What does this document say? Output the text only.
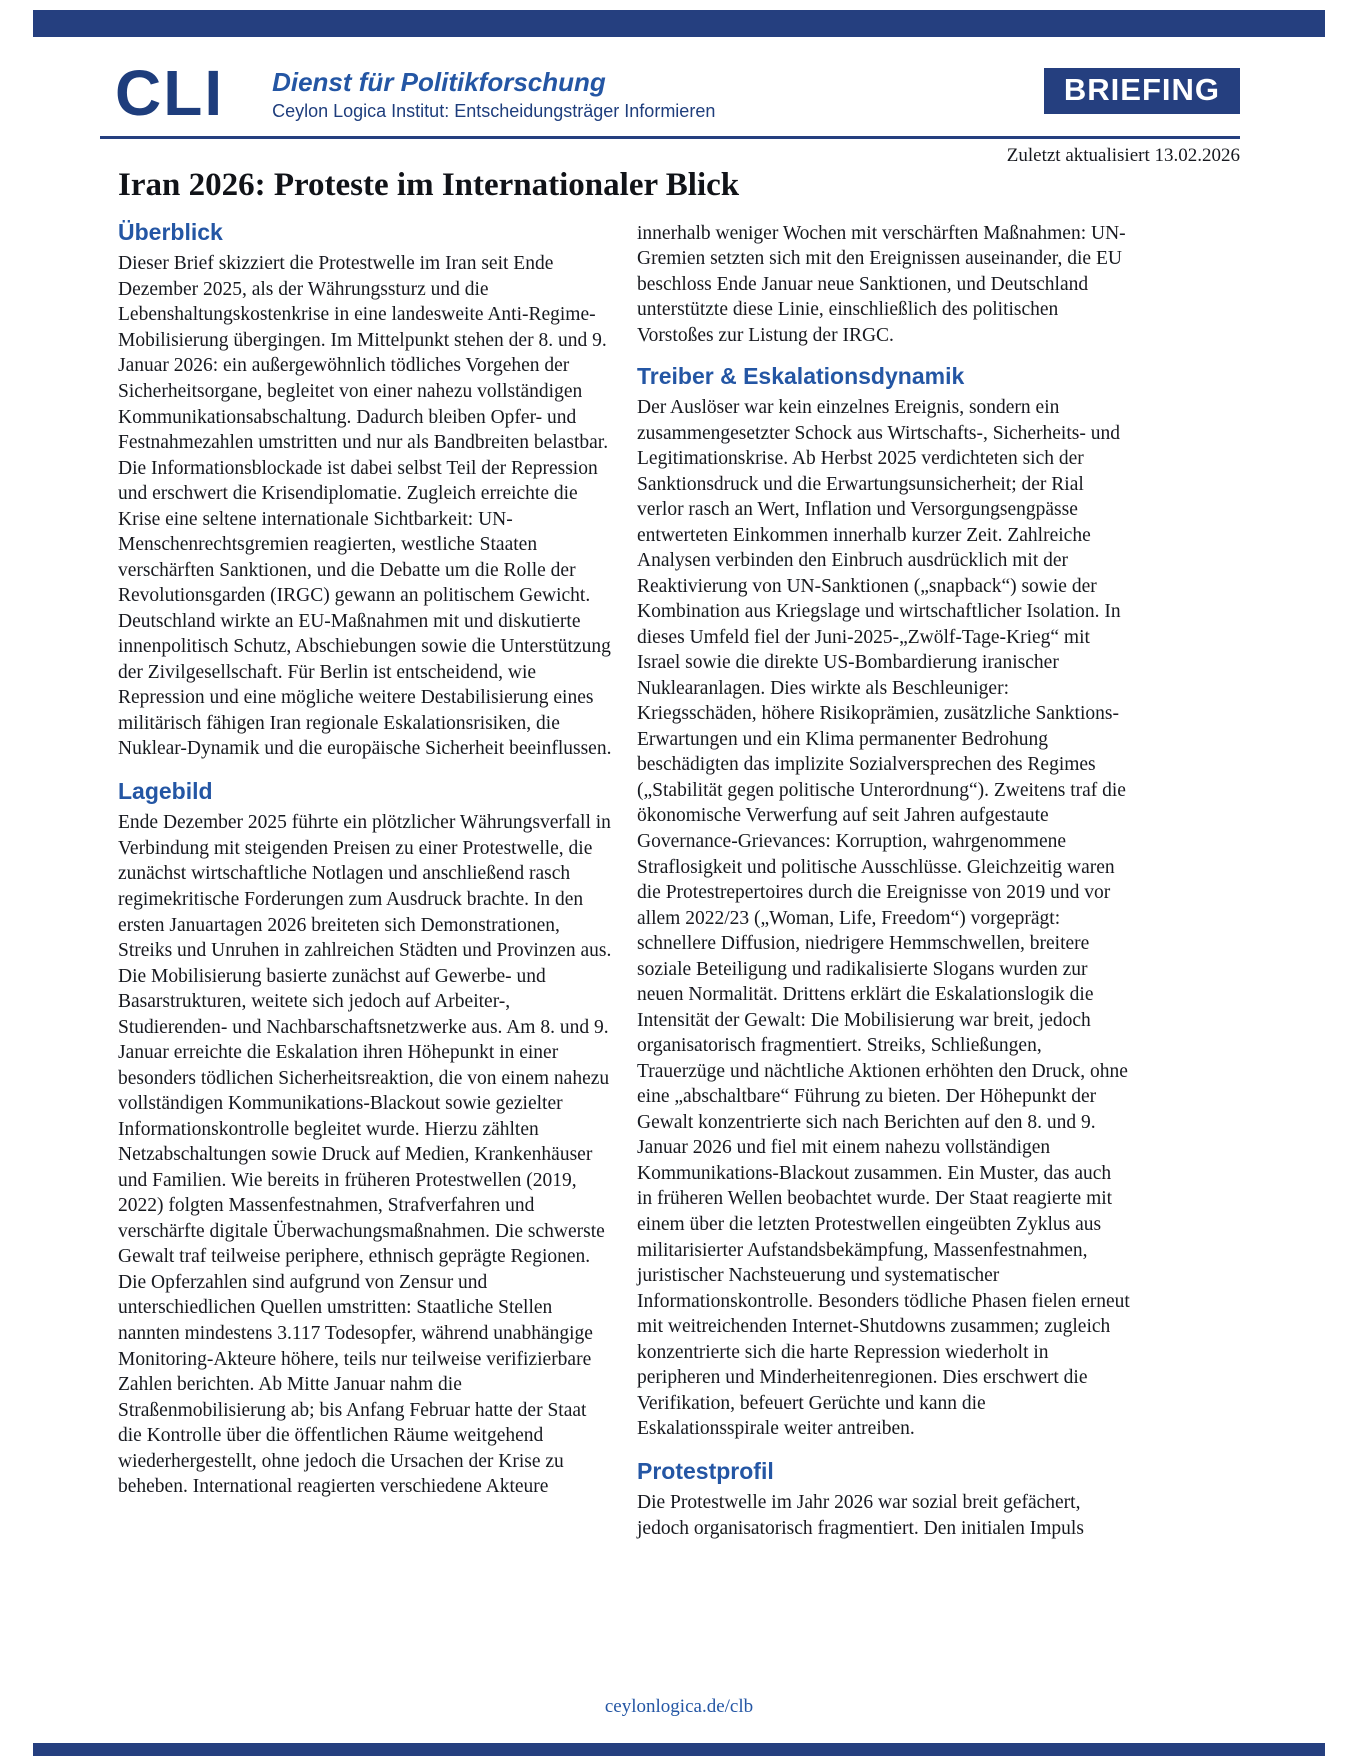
CLI Dienst für Politikforschung
Ceylon Logica Institut: Entscheidungsträger Informieren
BRIEFING
Zuletzt aktualisiert 13.02.2026
Iran 2026: Proteste im Internationaler Blick
Überblick

Dieser Brief skizziert die Protestwelle im Iran seit Ende Dezember 2025, als der Währungssturz und die Lebenshaltungskostenkrise in eine landesweite Anti-Regime-Mobilisierung übergingen. Im Mittelpunkt stehen der 8. und 9. Januar 2026: ein außergewöhnlich tödliches Vorgehen der Sicherheitsorgane, begleitet von einer nahezu vollständigen Kommunikationsabschaltung. Dadurch bleiben Opfer- und Festnahmezahlen umstritten und nur als Bandbreiten belastbar. Die Informationsblockade ist dabei selbst Teil der Repression und erschwert die Krisendiplomatie. Zugleich erreichte die Krise eine seltene internationale Sichtbarkeit: UN-Menschenrechtsgremien reagierten, westliche Staaten verschärften Sanktionen, und die Debatte um die Rolle der Revolutionsgarden (IRGC) gewann an politischem Gewicht. Deutschland wirkte an EU-Maßnahmen mit und diskutierte innenpolitisch Schutz, Abschiebungen sowie die Unterstützung der Zivilgesellschaft. Für Berlin ist entscheidend, wie Repression und eine mögliche weitere Destabilisierung eines militärisch fähigen Iran regionale Eskalationsrisiken, die Nuklear-Dynamik und die europäische Sicherheit beeinflussen.

Lagebild

Ende Dezember 2025 führte ein plötzlicher Währungsverfall in Verbindung mit steigenden Preisen zu einer Protestwelle, die zunächst wirtschaftliche Notlagen und anschließend rasch regimekritische Forderungen zum Ausdruck brachte. In den ersten Januartagen 2026 breiteten sich Demonstrationen, Streiks und Unruhen in zahlreichen Städten und Provinzen aus. Die Mobilisierung basierte zunächst auf Gewerbe- und Basarstrukturen, weitete sich jedoch auf Arbeiter-, Studierenden- und Nachbarschaftsnetzwerke aus. Am 8. und 9. Januar erreichte die Eskalation ihren Höhepunkt in einer besonders tödlichen Sicherheitsreaktion, die von einem nahezu vollständigen Kommunikations-Blackout sowie gezielter Informationskontrolle begleitet wurde. Hierzu zählten Netzabschaltungen sowie Druck auf Medien, Krankenhäuser und Familien. Wie bereits in früheren Protestwellen (2019, 2022) folgten Massenfestnahmen, Strafverfahren und verschärfte digitale Überwachungsmaßnahmen. Die schwerste Gewalt traf teilweise periphere, ethnisch geprägte Regionen. Die Opferzahlen sind aufgrund von Zensur und unterschiedlichen Quellen umstritten: Staatliche Stellen nannten mindestens 3.117 Todesopfer, während unabhängige Monitoring-Akteure höhere, teils nur teilweise verifizierbare Zahlen berichten. Ab Mitte Januar nahm die Straßenmobilisierung ab; bis Anfang Februar hatte der Staat die Kontrolle über die öffentlichen Räume weitgehend wiederhergestellt, ohne jedoch die Ursachen der Krise zu beheben. International reagierten verschiedene Akteure

innerhalb weniger Wochen mit verschärften Maßnahmen: UN-Gremien setzten sich mit den Ereignissen auseinander, die EU beschloss Ende Januar neue Sanktionen, und Deutschland unterstützte diese Linie, einschließlich des politischen Vorstoßes zur Listung der IRGC.

Treiber & Eskalationsdynamik

Der Auslöser war kein einzelnes Ereignis, sondern ein zusammengesetzter Schock aus Wirtschafts-, Sicherheits- und Legitimationskrise. Ab Herbst 2025 verdichteten sich der Sanktionsdruck und die Erwartungsunsicherheit; der Rial verlor rasch an Wert, Inflation und Versorgungsengpässe entwerteten Einkommen innerhalb kurzer Zeit. Zahlreiche Analysen verbinden den Einbruch ausdrücklich mit der Reaktivierung von UN-Sanktionen („snapback“) sowie der Kombination aus Kriegslage und wirtschaftlicher Isolation. In dieses Umfeld fiel der Juni-2025-„Zwölf-Tage-Krieg“ mit Israel sowie die direkte US-Bombardierung iranischer Nuklearanlagen. Dies wirkte als Beschleuniger: Kriegsschäden, höhere Risikoprämien, zusätzliche Sanktions-Erwartungen und ein Klima permanenter Bedrohung beschädigten das implizite Sozialversprechen des Regimes („Stabilität gegen politische Unterordnung“). Zweitens traf die ökonomische Verwerfung auf seit Jahren aufgestaute Governance-Grievances: Korruption, wahrgenommene Straflosigkeit und politische Ausschlüsse. Gleichzeitig waren die Protestrepertoires durch die Ereignisse von 2019 und vor allem 2022/23 („Woman, Life, Freedom“) vorgeprägt: schnellere Diffusion, niedrigere Hemmschwellen, breitere soziale Beteiligung und radikalisierte Slogans wurden zur neuen Normalität. Drittens erklärt die Eskalationslogik die Intensität der Gewalt: Die Mobilisierung war breit, jedoch organisatorisch fragmentiert. Streiks, Schließungen, Trauerzüge und nächtliche Aktionen erhöhten den Druck, ohne eine „abschaltbare“ Führung zu bieten. Der Höhepunkt der Gewalt konzentrierte sich nach Berichten auf den 8. und 9. Januar 2026 und fiel mit einem nahezu vollständigen Kommunikations-Blackout zusammen. Ein Muster, das auch in früheren Wellen beobachtet wurde. Der Staat reagierte mit einem über die letzten Protestwellen eingeübten Zyklus aus militarisierter Aufstandsbekämpfung, Massenfestnahmen, juristischer Nachsteuerung und systematischer Informationskontrolle. Besonders tödliche Phasen fielen erneut mit weitreichenden Internet-Shutdowns zusammen; zugleich konzentrierte sich die harte Repression wiederholt in peripheren und Minderheitenregionen. Dies erschwert die Verifikation, befeuert Gerüchte und kann die Eskalationsspirale weiter antreiben.

Protestprofil

Die Protestwelle im Jahr 2026 war sozial breit gefächert, jedoch organisatorisch fragmentiert. Den initialen Impuls

ceylonlogica.de/clb
